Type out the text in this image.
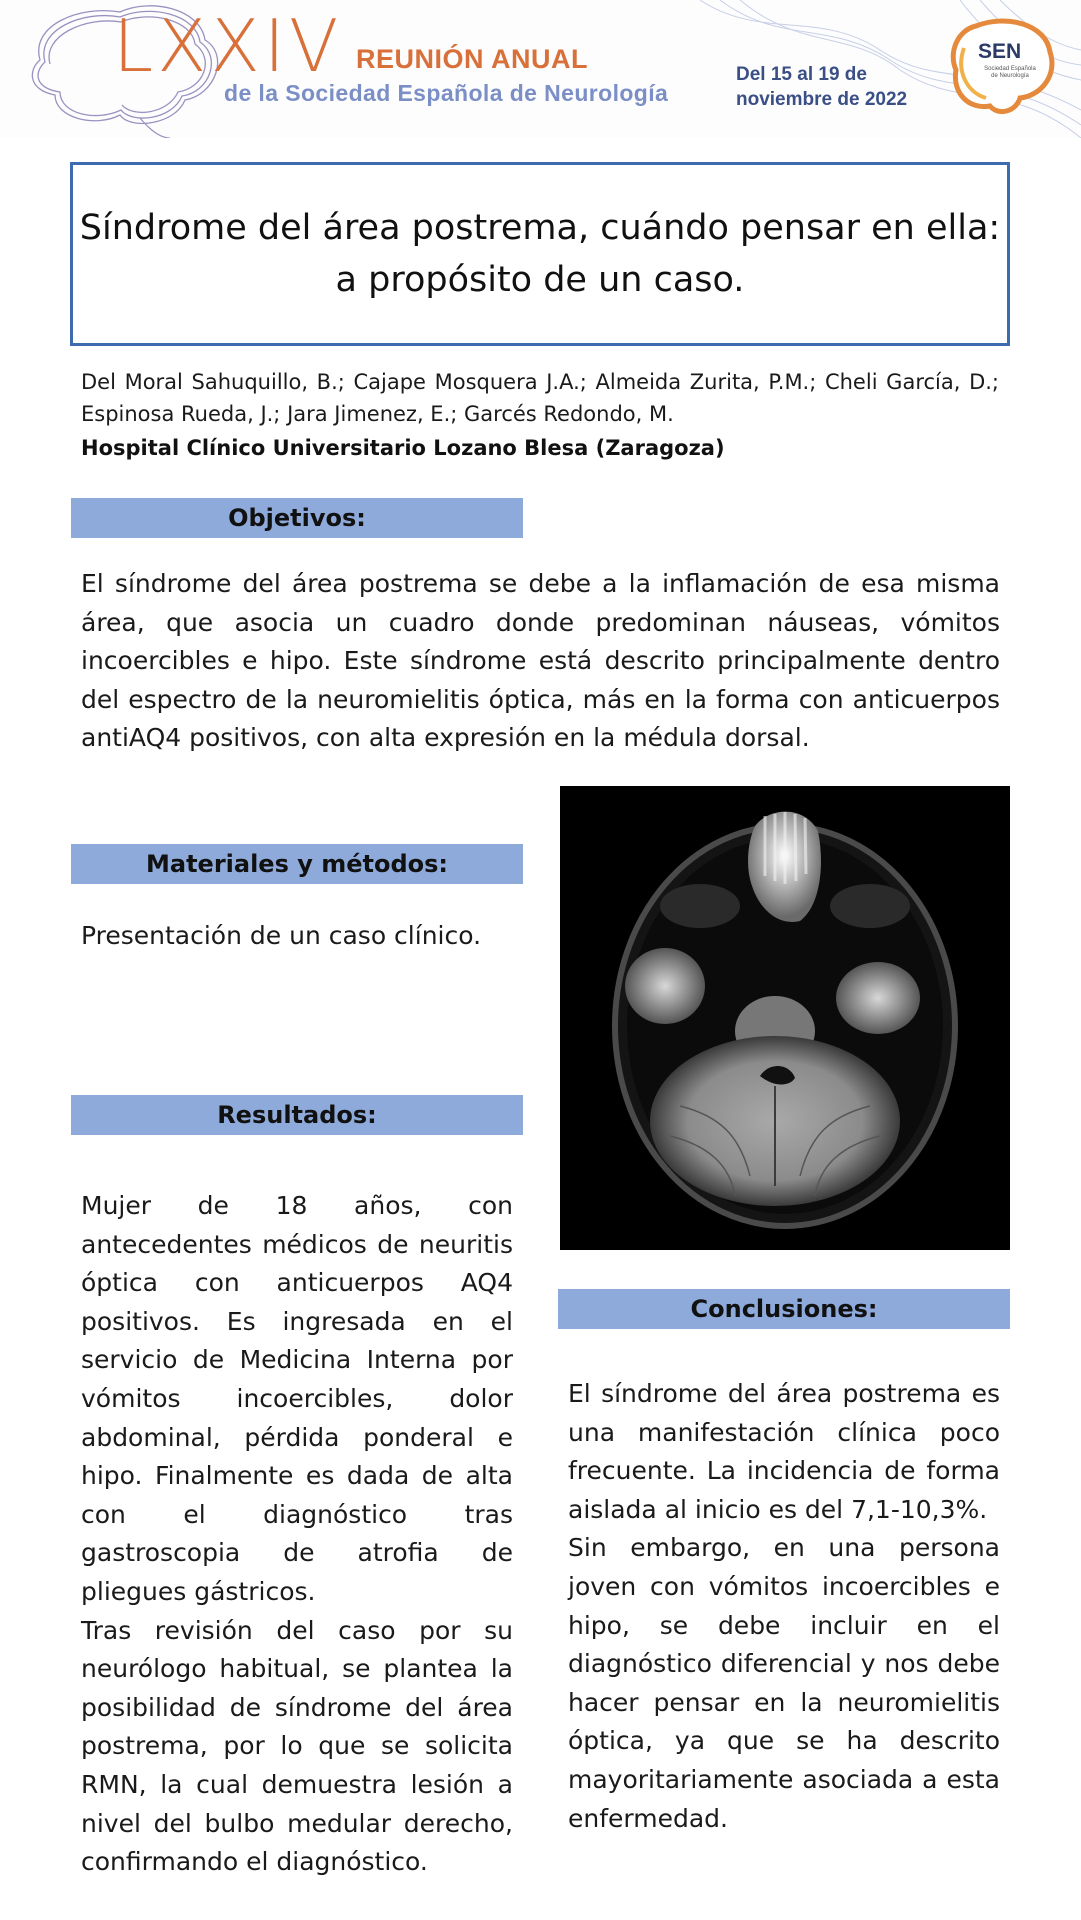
LXXIV REUNIÓN ANUAL
de la Sociedad Española de Neurología
Del 15 al 19 de
noviembre de 2022
SEN
Sociedad Española de Neurología
Síndrome del área postrema, cuándo pensar en ella:
a propósito de un caso.
Del Moral Sahuquillo, B.; Cajape Mosquera J.A.; Almeida Zurita, P.M.; Cheli García, D.; Espinosa Rueda, J.; Jara Jimenez, E.; Garcés Redondo, M.
Hospital Clínico Universitario Lozano Blesa (Zaragoza)
Objetivos:
El síndrome del área postrema se debe a la inflamación de esa misma área, que asocia un cuadro donde predominan náuseas, vómitos incoercibles e hipo. Este síndrome está descrito principalmente dentro del espectro de la neuromielitis óptica, más en la forma con anticuerpos antiAQ4 positivos, con alta expresión en la médula dorsal.
Materiales y métodos:
Presentación de un caso clínico.
Resultados:

Mujer de 18 años, con antecedentes médicos de neuritis óptica con anticuerpos AQ4 positivos. Es ingresada en el servicio de Medicina Interna por vómitos incoercibles, dolor abdominal, pérdida ponderal e hipo. Finalmente es dada de alta con el diagnóstico tras gastroscopia de atrofia de pliegues gástricos.

Tras revisión del caso por su neurólogo habitual, se plantea la posibilidad de síndrome del área postrema, por lo que se solicita RMN, la cual demuestra lesión a nivel del bulbo medular derecho, confirmando el diagnóstico.

Conclusiones:

El síndrome del área postrema es una manifestación clínica poco frecuente. La incidencia de forma aislada al inicio es del 7,1-10,3%.

Sin embargo, en una persona joven con vómitos incoercibles e hipo, se debe incluir en el diagnóstico diferencial y nos debe hacer pensar en la neuromielitis óptica, ya que se ha descrito mayoritariamente asociada a esta enfermedad.
